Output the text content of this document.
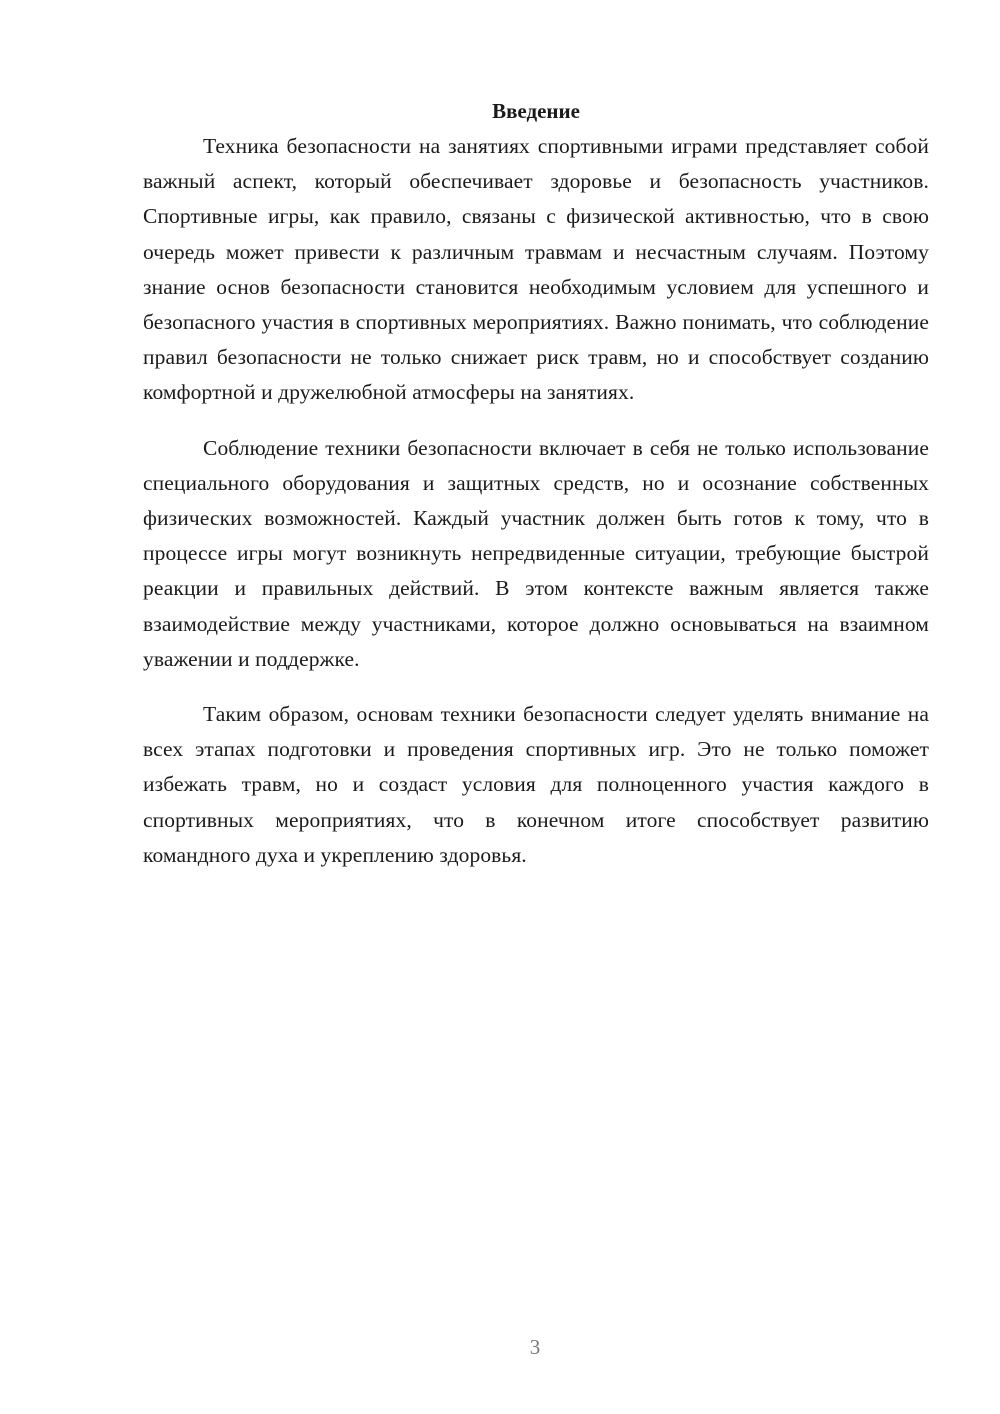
Введение

Техника безопасности на занятиях спортивными играми представляет собой важный аспект, который обеспечивает здоровье и безопасность участников. Спортивные игры, как правило, связаны с физической активностью, что в свою очередь может привести к различным травмам и несчастным случаям. Поэтому знание основ безопасности становится необходимым условием для успешного и безопасного участия в спортивных мероприятиях. Важно понимать, что соблюдение правил безопасности не только снижает риск травм, но и способствует созданию комфортной и дружелюбной атмосферы на занятиях.

Соблюдение техники безопасности включает в себя не только использование специального оборудования и защитных средств, но и осознание собственных физических возможностей. Каждый участник должен быть готов к тому, что в процессе игры могут возникнуть непредвиденные ситуации, требующие быстрой реакции и правильных действий. В этом контексте важным является также взаимодействие между участниками, которое должно основываться на взаимном уважении и поддержке.

Таким образом, основам техники безопасности следует уделять внимание на всех этапах подготовки и проведения спортивных игр. Это не только поможет избежать травм, но и создаст условия для полноценного участия каждого в спортивных мероприятиях, что в конечном итоге способствует развитию командного духа и укреплению здоровья.

3
